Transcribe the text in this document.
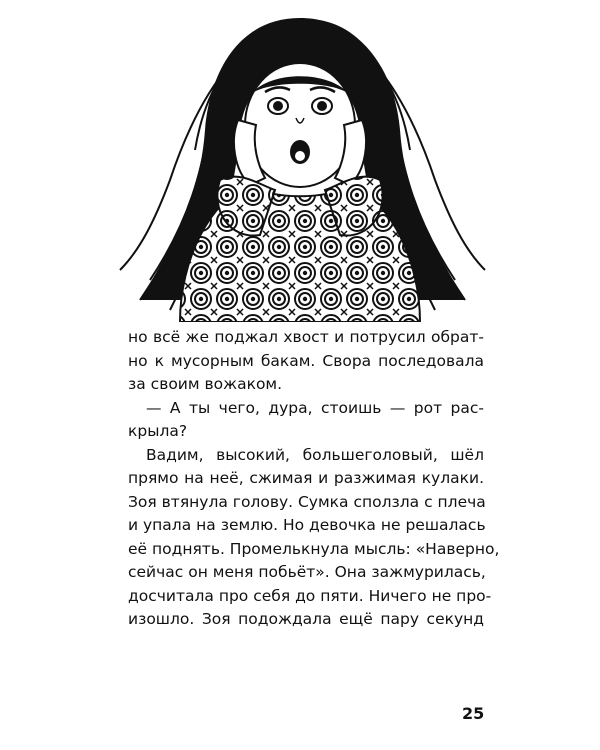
но всё же поджал хвост и потрусил обрат-
но к мусорным бакам. Свора последовала
за своим вожаком.
— А ты чего, дура, стоишь — рот рас-
крыла?
Вадим, высокий, большеголовый, шёл
прямо на неё, сжимая и разжимая кулаки.
Зоя втянула голову. Сумка сползла с плеча
и упала на землю. Но девочка не решалась
её поднять. Промелькнула мысль: «Наверно,
сейчас он меня побьёт». Она зажмурилась,
досчитала про себя до пяти. Ничего не про-
изошло. Зоя подождала ещё пару секунд
25
